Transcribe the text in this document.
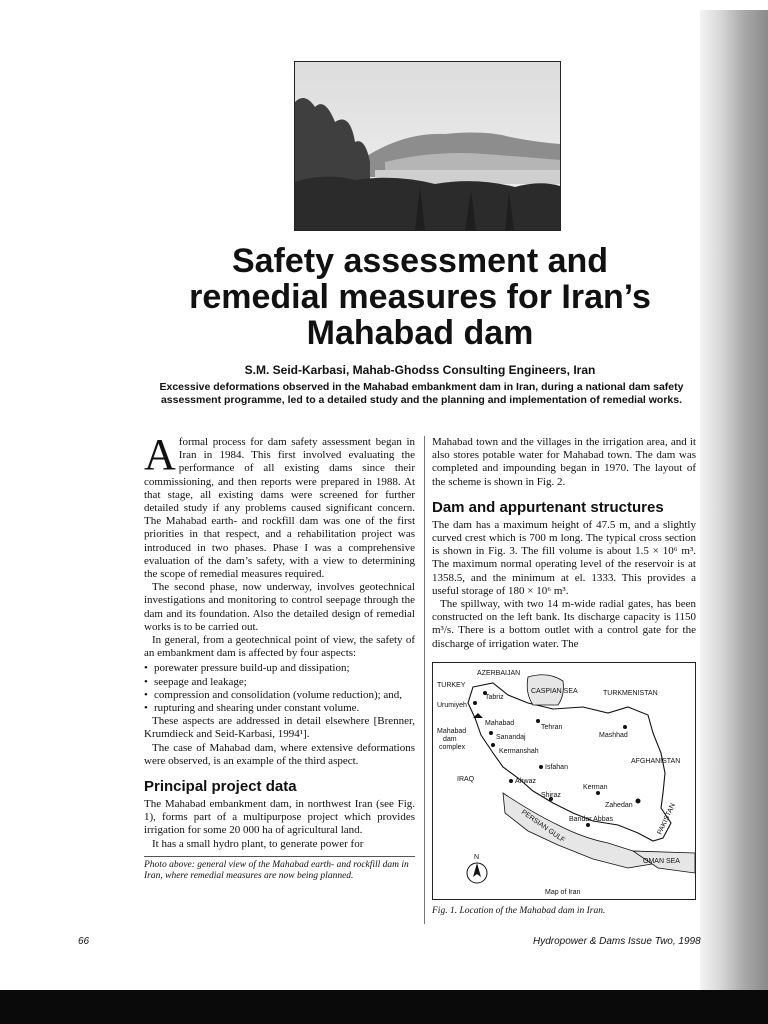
Safety assessment and
remedial measures for Iran’s
Mahabad dam
S.M. Seid-Karbasi, Mahab-Ghodss Consulting Engineers, Iran
Excessive deformations observed in the Mahabad embankment dam in Iran, during a national dam safety assessment programme, led to a detailed study and the planning and implementation of remedial works.

Aformal process for dam safety assessment began in Iran in 1984. This first involved evaluating the performance of all existing dams since their commissioning, and then reports were prepared in 1988. At that stage, all existing dams were screened for further detailed study if any problems caused significant concern. The Mahabad earth- and rockfill dam was one of the first priorities in that respect, and a rehabilitation project was introduced in two phases. Phase I was a comprehensive evaluation of the dam’s safety, with a view to determining the scope of remedial measures required.

The second phase, now underway, involves geotechnical investigations and monitoring to control seepage through the dam and its foundation. Also the detailed design of remedial works is to be carried out.

In general, from a geotechnical point of view, the safety of an embankment dam is affected by four aspects:

• porewater pressure build-up and dissipation;
• seepage and leakage;
• compression and consolidation (volume reduction); and,
• rupturing and shearing under constant volume.

These aspects are addressed in detail elsewhere [Brenner, Krumdieck and Seid-Karbasi, 1994¹].

The case of Mahabad dam, where extensive deformations were observed, is an example of the third aspect.

Principal project data

The Mahabad embankment dam, in northwest Iran (see Fig. 1), forms part of a multipurpose project which provides irrigation for some 20 000 ha of agricultural land.

It has a small hydro plant, to generate power for

Photo above: general view of the Mahabad earth- and rockfill dam in Iran, where remedial measures are now being planned.

Mahabad town and the villages in the irrigation area, and it also stores potable water for Mahabad town. The dam was completed and impounding began in 1970. The layout of the scheme is shown in Fig. 2.

Dam and appurtenant structures

The dam has a maximum height of 47.5 m, and a slightly curved crest which is 700 m long. The typical cross section is shown in Fig. 3. The fill volume is about 1.5 × 10⁶ m³. The maximum normal operating level of the reservoir is at 1358.5, and the minimum at el. 1333. This provides a useful storage of 180 × 10⁶ m³.

The spillway, with two 14 m-wide radial gates, has been constructed on the left bank. Its discharge capacity is 1150 m³/s. There is a bottom outlet with a control gate for the discharge of irrigation water. The

AZERBAIJAN
TURKEY
Tabriz
Urumiyeh
CASPIAN SEA	TURKMENISTAN
Mahabad
Mahabad
dam
complex
Sanandaj
Tehran
Mashhad
Kermanshah
Isfahan
AFGHANISTAN
IRAQ	Ahwaz
Kerman
Shiraz
Zahedan
Bandar Abbas
PERSIAN GULF	PAKISTAN
OMAN SEA
N
Map of Iran
Fig. 1. Location of the Mahabad dam in Iran.
66	Hydropower & Dams Issue Two, 1998
